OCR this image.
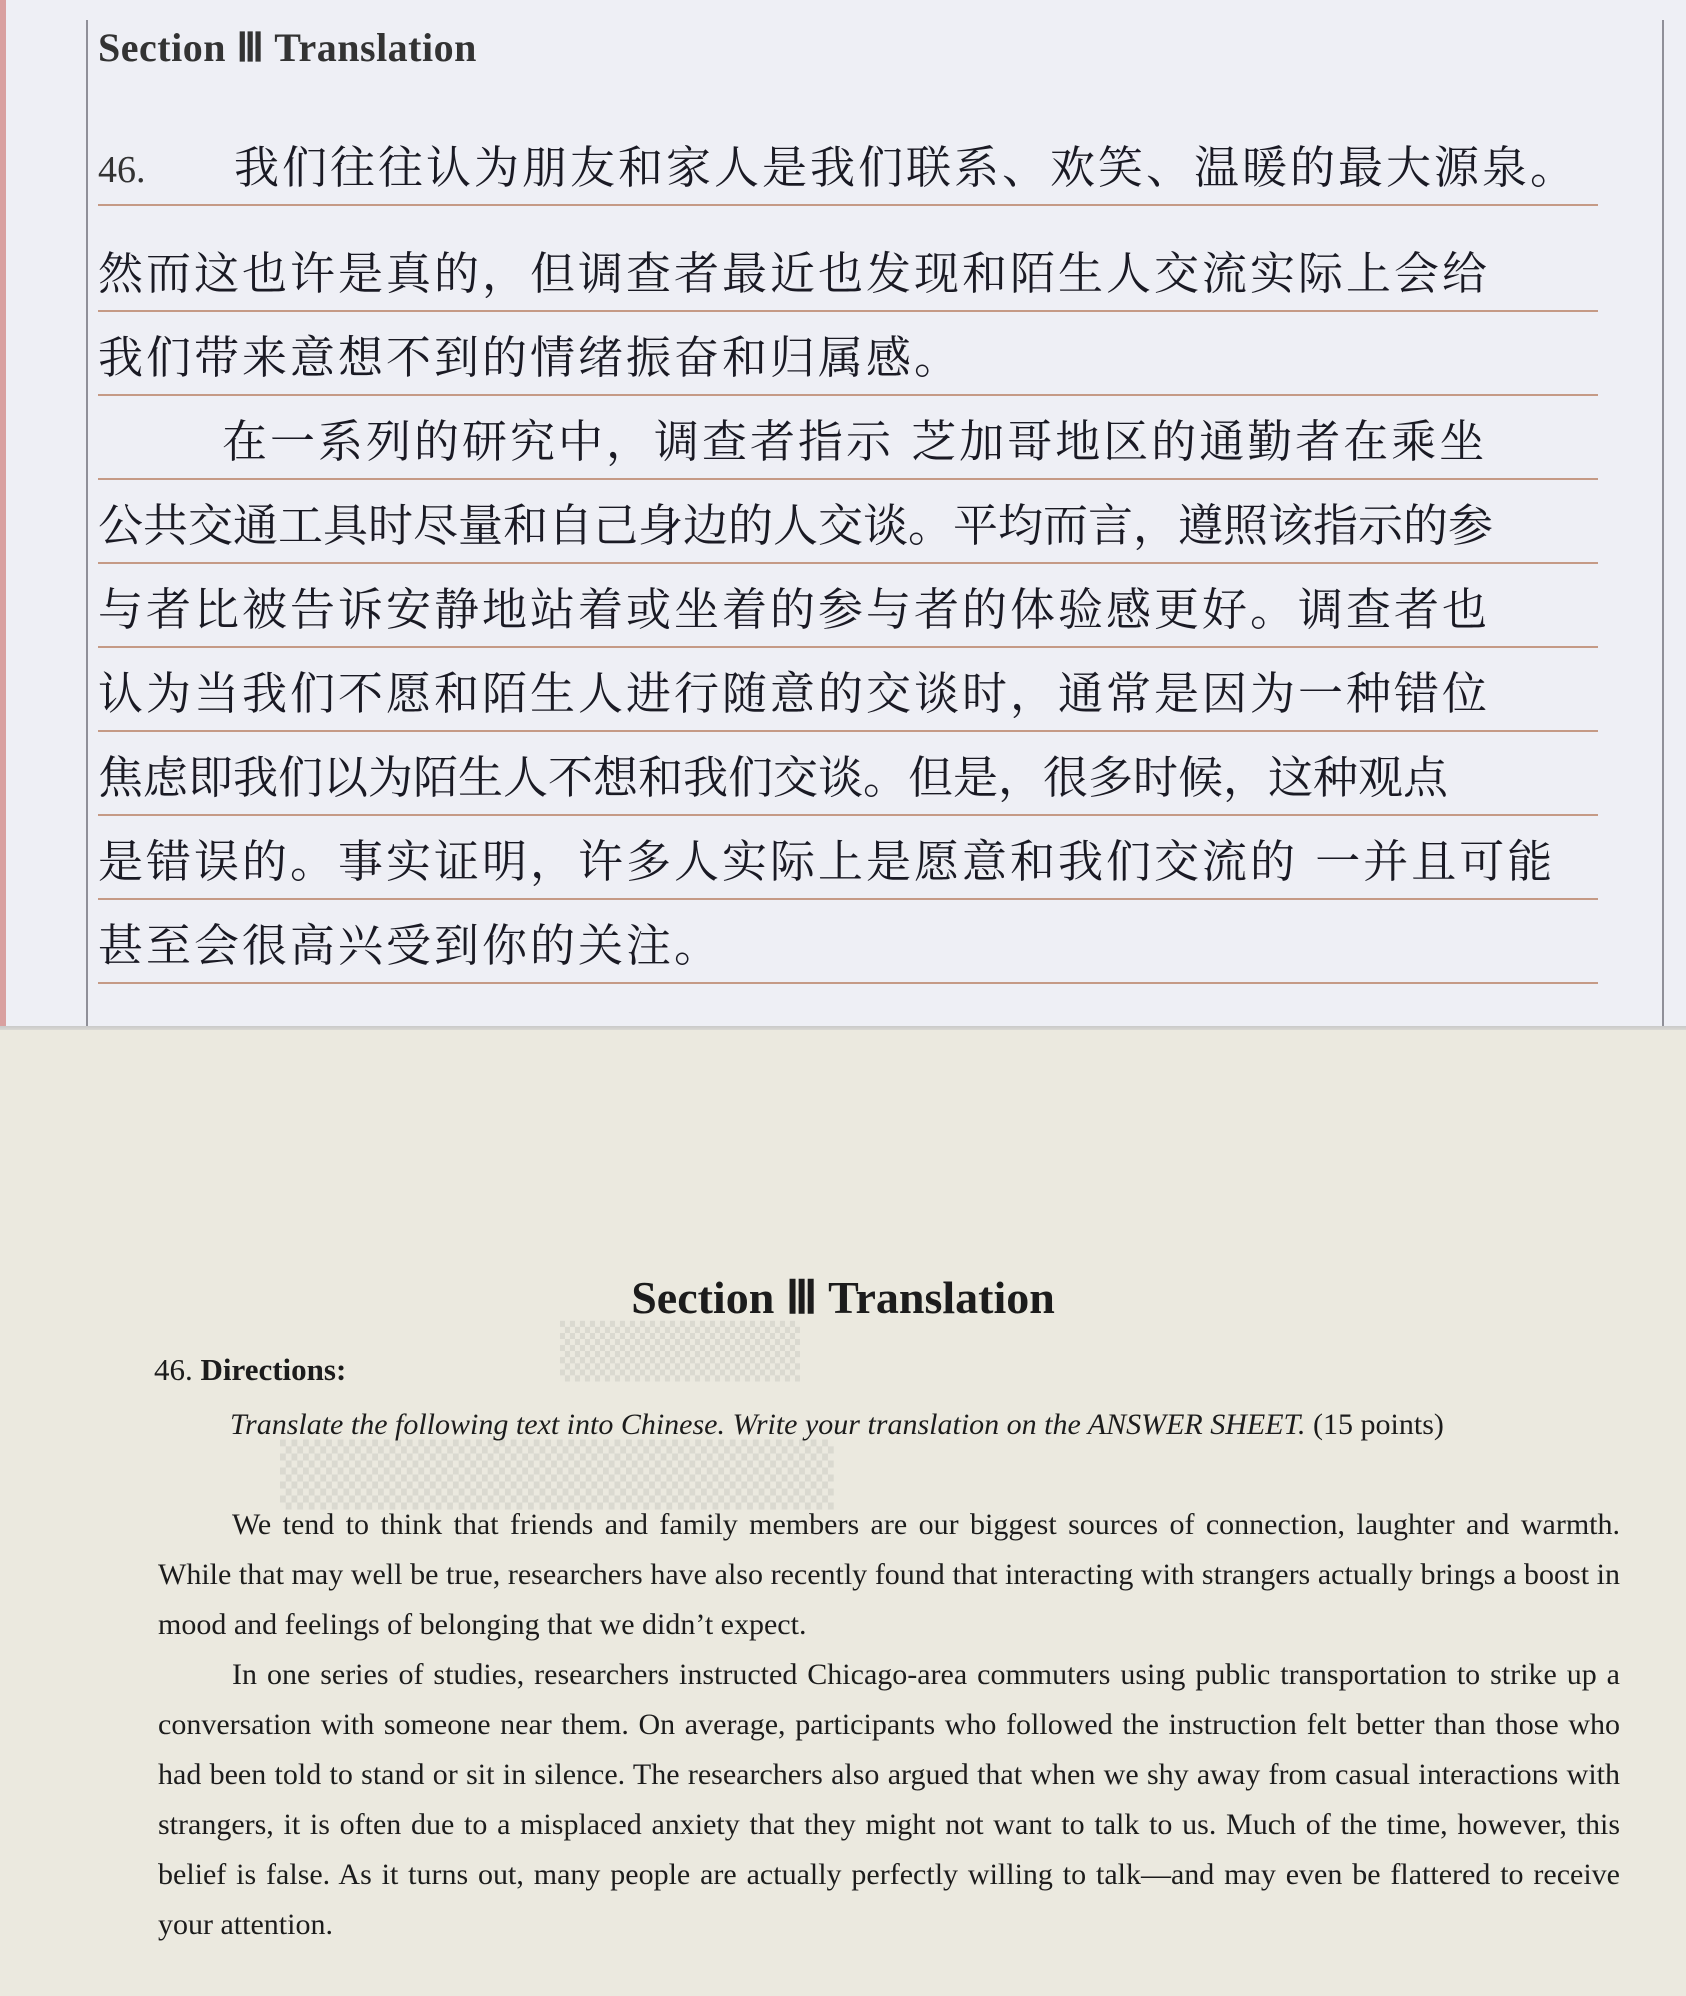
Section Ⅲ Translation
46. 我们往往认为朋友和家人是我们联系、欢笑、温暖的最大源泉。
然而这也许是真的，但调查者最近也发现和陌生人交流实际上会给
我们带来意想不到的情绪振奋和归属感。
在一系列的研究中，调查者指示 芝加哥地区的通勤者在乘坐
公共交通工具时尽量和自己身边的人交谈。平均而言，遵照该指示的参
与者比被告诉安静地站着或坐着的参与者的体验感更好。调查者也
认为当我们不愿和陌生人进行随意的交谈时，通常是因为一种错位
焦虑即我们以为陌生人不想和我们交谈。但是，很多时候，这种观点
是错误的。事实证明，许多人实际上是愿意和我们交流的 一并且可能
甚至会很高兴受到你的关注。
▒▒▒▒▒▒
▒▒▒▒▒▒▒▒▒▒▒▒
Section Ⅲ Translation
46. Directions:
Translate the following text into Chinese. Write your translation on the ANSWER SHEET. (15 points)

We tend to think that friends and family members are our biggest sources of connection, laughter and warmth. While that may well be true, researchers have also recently found that interacting with strangers actually brings a boost in mood and feelings of belonging that we didn’t expect.

In one series of studies, researchers instructed Chicago-area commuters using public transportation to strike up a conversation with someone near them. On average, participants who followed the instruction felt better than those who had been told to stand or sit in silence. The researchers also argued that when we shy away from casual interactions with strangers, it is often due to a misplaced anxiety that they might not want to talk to us. Much of the time, however, this belief is false. As it turns out, many people are actually perfectly willing to talk—and may even be flattered to receive your attention.
